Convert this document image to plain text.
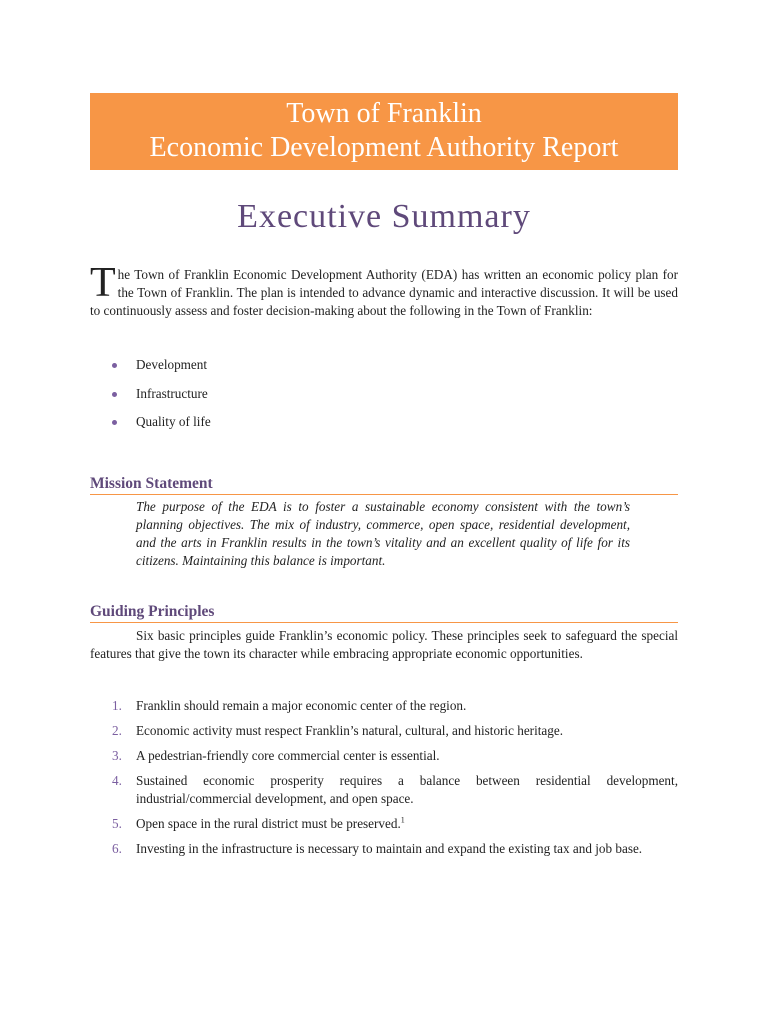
Town of Franklin
Economic Development Authority Report
Executive Summary

The Town of Franklin Economic Development Authority (EDA) has written an economic policy plan for the Town of Franklin. The plan is intended to advance dynamic and interactive discussion. It will be used to continuously assess and foster decision-making about the following in the Town of Franklin:

Development
Infrastructure
Quality of life
Mission Statement

The purpose of the EDA is to foster a sustainable economy consistent with the town’s planning objectives. The mix of industry, commerce, open space, residential development, and the arts in Franklin results in the town’s vitality and an excellent quality of life for its citizens. Maintaining this balance is important.

Guiding Principles

Six basic principles guide Franklin’s economic policy. These principles seek to safeguard the special features that give the town its character while embracing appropriate economic opportunities.

1. Franklin should remain a major economic center of the region.
2. Economic activity must respect Franklin’s natural, cultural, and historic heritage.
3. A pedestrian-friendly core commercial center is essential.
4. Sustained economic prosperity requires a balance between residential development, industrial/commercial development, and open space.
5. Open space in the rural district must be preserved.$^1$
6. Investing in the infrastructure is necessary to maintain and expand the existing tax and job base.
